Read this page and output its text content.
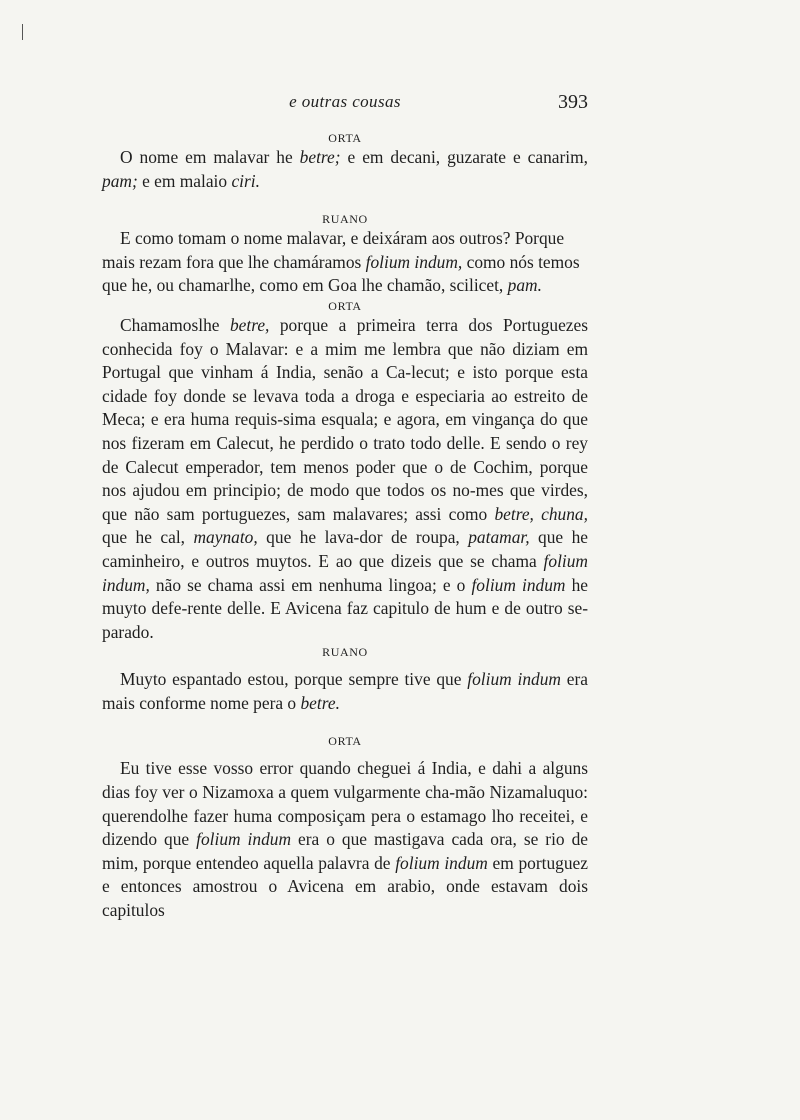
e outras cousas	393
ORTA

O nome em malavar he betre; e em decani, guzarate e canarim, pam; e em malaio ciri.

RUANO

E como tomam o nome malavar, e deixáram aos outros? Porque mais rezam fora que lhe chamáramos folium indum, como nós temos que he, ou chamarlhe, como em Goa lhe chamão, scilicet, pam.

ORTA

Chamamoslhe betre, porque a primeira terra dos Portuguezes conhecida foy o Malavar: e a mim me lembra que não diziam em Portugal que vinham á India, senão a Ca-lecut; e isto porque esta cidade foy donde se levava toda a droga e especiaria ao estreito de Meca; e era huma requis-sima esquala; e agora, em vingança do que nos fizeram em Calecut, he perdido o trato todo delle. E sendo o rey de Calecut emperador, tem menos poder que o de Cochim, porque nos ajudou em principio; de modo que todos os no-mes que virdes, que não sam portuguezes, sam malavares; assi como betre, chuna, que he cal, maynato, que he lava-dor de roupa, patamar, que he caminheiro, e outros muytos. E ao que dizeis que se chama folium indum, não se chama assi em nenhuma lingoa; e o folium indum he muyto defe-rente delle. E Avicena faz capitulo de hum e de outro se-parado.

RUANO

Muyto espantado estou, porque sempre tive que folium indum era mais conforme nome pera o betre.

ORTA

Eu tive esse vosso error quando cheguei á India, e dahi a alguns dias foy ver o Nizamoxa a quem vulgarmente cha-mão Nizamaluquo: querendolhe fazer huma composiçam pera o estamago lho receitei, e dizendo que folium indum era o que mastigava cada ora, se rio de mim, porque entendeo aquella palavra de folium indum em portuguez e entonces amostrou o Avicena em arabio, onde estavam dois capitulos
